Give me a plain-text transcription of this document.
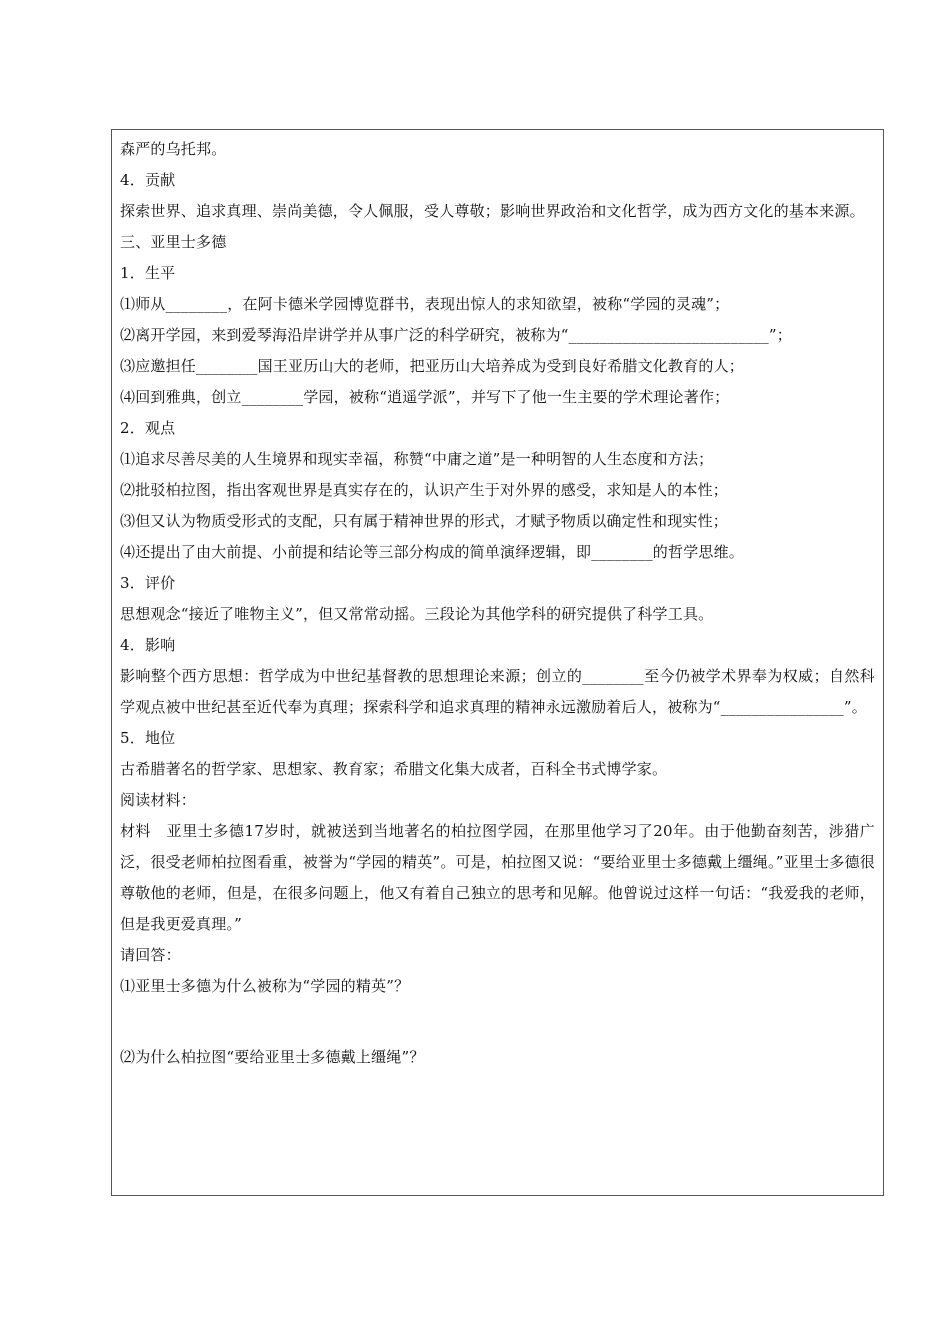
森严的乌托邦。
4．贡献
探索世界、追求真理、崇尚美德，令人佩服，受人尊敬；影响世界政治和文化哲学，成为西方文化的基本来源。
三、亚里士多德
1．生平
⑴师从________，在阿卡德米学园博览群书，表现出惊人的求知欲望，被称“学园的灵魂”；
⑵离开学园，来到爱琴海沿岸讲学并从事广泛的科学研究，被称为“__________________________”；
⑶应邀担任________国王亚历山大的老师，把亚历山大培养成为受到良好希腊文化教育的人；
⑷回到雅典，创立________学园，被称“逍遥学派”，并写下了他一生主要的学术理论著作；
2．观点
⑴追求尽善尽美的人生境界和现实幸福，称赞“中庸之道”是一种明智的人生态度和方法；
⑵批驳柏拉图，指出客观世界是真实存在的，认识产生于对外界的感受，求知是人的本性；
⑶但又认为物质受形式的支配，只有属于精神世界的形式，才赋予物质以确定性和现实性；
⑷还提出了由大前提、小前提和结论等三部分构成的简单演绎逻辑，即________的哲学思维。
3．评价
思想观念“接近了唯物主义”，但又常常动摇。三段论为其他学科的研究提供了科学工具。
4．影响
影响整个西方思想：哲学成为中世纪基督教的思想理论来源；创立的________至今仍被学术界奉为权威；自然科学观点被中世纪甚至近代奉为真理；探索科学和追求真理的精神永远激励着后人，被称为“________________”。
5．地位
古希腊著名的哲学家、思想家、教育家；希腊文化集大成者，百科全书式博学家。
阅读材料：
材料　亚里士多德17岁时，就被送到当地著名的柏拉图学园，在那里他学习了20年。由于他勤奋刻苦，涉猎广泛，很受老师柏拉图看重，被誉为“学园的精英”。可是，柏拉图又说：“要给亚里士多德戴上缰绳。”亚里士多德很尊敬他的老师，但是，在很多问题上，他又有着自己独立的思考和见解。他曾说过这样一句话：“我爱我的老师，但是我更爱真理。”
请回答：
⑴亚里士多德为什么被称为“学园的精英”？
⑵为什么柏拉图“要给亚里士多德戴上缰绳”？
